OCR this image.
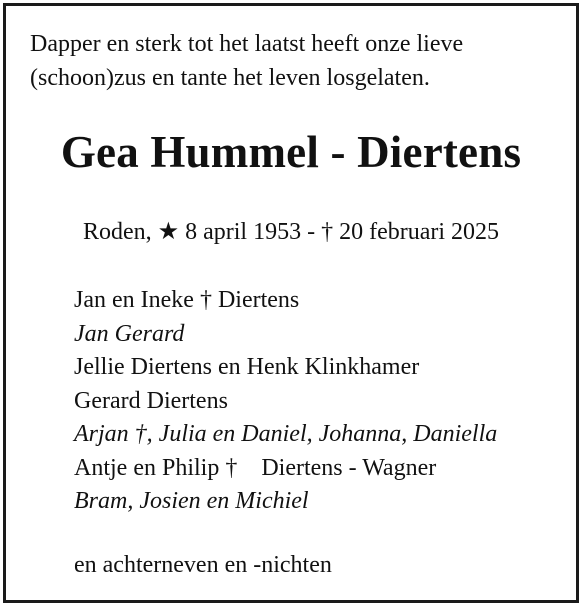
Dapper en sterk tot het laatst heeft onze lieve
(schoon)zus en tante het leven losgelaten.

Gea Hummel - Diertens

Roden, ★ 8 april 1953 - † 20 februari 2025

Jan en Ineke † Diertens
Jan Gerard
Jellie Diertens en Henk Klinkhamer
Gerard Diertens
Arjan †, Julia en Daniel, Johanna, Daniella
Antje en Philip †    Diertens - Wagner
Bram, Josien en Michiel

en achterneven en -nichten
